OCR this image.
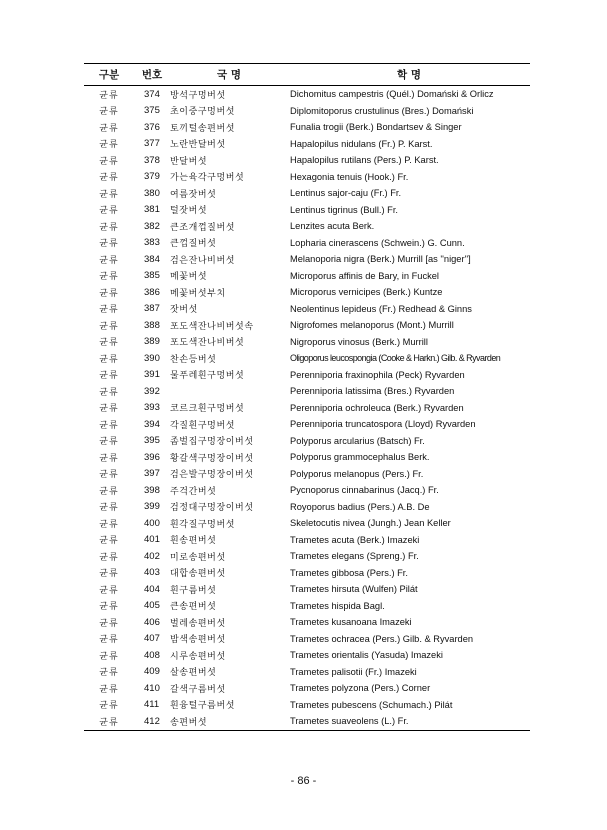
구분	번호	국 명	학 명
균류	374	방석구멍버섯	Dichomitus campestris (Quél.) Domański & Orlicz
균류	375	초이중구멍버섯	Diplomitoporus crustulinus (Bres.) Domański
균류	376	토끼털송편버섯	Funalia trogii (Berk.) Bondartsev & Singer
균류	377	노란반달버섯	Hapalopilus nidulans (Fr.) P. Karst.
균류	378	반달버섯	Hapalopilus rutilans (Pers.) P. Karst.
균류	379	가는육각구멍버섯	Hexagonia tenuis (Hook.) Fr.
균류	380	여름잣버섯	Lentinus sajor-caju (Fr.) Fr.
균류	381	털잣버섯	Lentinus tigrinus (Bull.) Fr.
균류	382	큰조개껍질버섯	Lenzites acuta Berk.
균류	383	큰껍질버섯	Lopharia cinerascens (Schwein.) G. Cunn.
균류	384	검은잔나비버섯	Melanoporia nigra (Berk.) Murrill [as ''niger'']
균류	385	메꽃버섯	Microporus affinis de Bary, in Fuckel
균류	386	메꽃버섯부치	Microporus vernicipes (Berk.) Kuntze
균류	387	잣버섯	Neolentinus lepideus (Fr.) Redhead & Ginns
균류	388	포도색잔나비버섯속	Nigrofomes melanoporus (Mont.) Murrill
균류	389	포도색잔나비버섯	Nigroporus vinosus (Berk.) Murrill
균류	390	찬손등버섯	Oligoporus leucospongia (Cooke & Harkn.) Gilb. & Ryvarden
균류	391	물푸레흰구멍버섯	Perenniporia fraxinophila (Peck) Ryvarden
균류	392		Perenniporia latissima (Bres.) Ryvarden
균류	393	코르크흰구멍버섯	Perenniporia ochroleuca (Berk.) Ryvarden
균류	394	각질흰구멍버섯	Perenniporia truncatospora (Lloyd) Ryvarden
균류	395	좀벌집구멍장이버섯	Polyporus arcularius (Batsch) Fr.
균류	396	황갈색구멍장이버섯	Polyporus grammocephalus Berk.
균류	397	검은발구멍장이버섯	Polyporus melanopus (Pers.) Fr.
균류	398	주걱간버섯	Pycnoporus cinnabarinus (Jacq.) Fr.
균류	399	검정대구멍장이버섯	Royoporus badius (Pers.) A.B. De
균류	400	흰각질구멍버섯	Skeletocutis nivea (Jungh.) Jean Keller
균류	401	흰송편버섯	Trametes acuta (Berk.) Imazeki
균류	402	미로송편버섯	Trametes elegans (Spreng.) Fr.
균류	403	대합송편버섯	Trametes gibbosa (Pers.) Fr.
균류	404	흰구름버섯	Trametes hirsuta (Wulfen) Pilát
균류	405	큰송편버섯	Trametes hispida Bagl.
균류	406	벌레송편버섯	Trametes kusanoana Imazeki
균류	407	밤색송편버섯	Trametes ochracea (Pers.) Gilb. & Ryvarden
균류	408	시루송편버섯	Trametes orientalis (Yasuda) Imazeki
균류	409	살송편버섯	Trametes palisotii (Fr.) Imazeki
균류	410	갈색구름버섯	Trametes polyzona (Pers.) Corner
균류	411	흰융털구름버섯	Trametes pubescens (Schumach.) Pilát
균류	412	송편버섯	Trametes suaveolens (L.) Fr.
- 86 -
